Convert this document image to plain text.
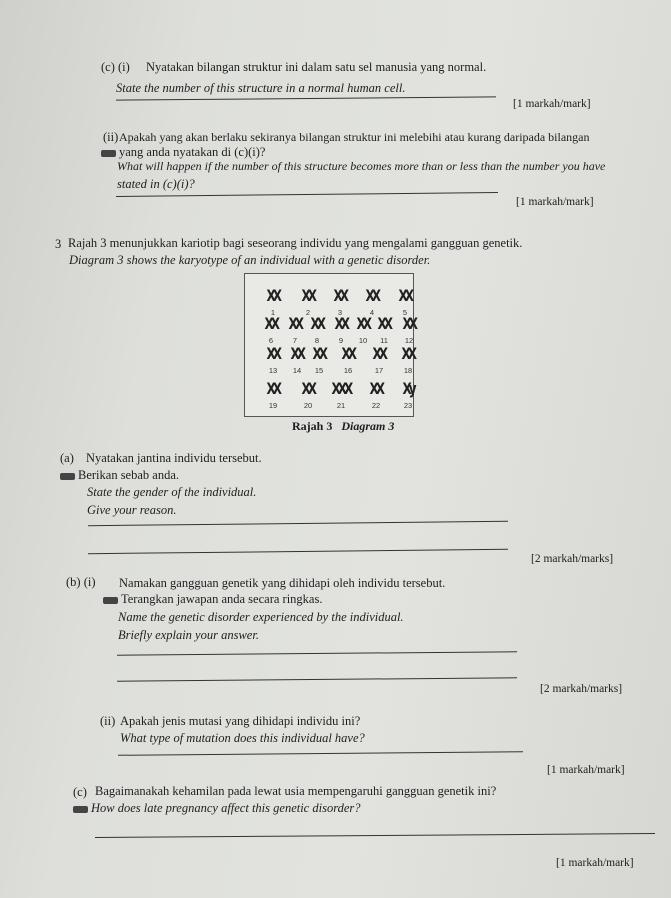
(c) (i) Nyatakan bilangan struktur ini dalam satu sel manusia yang normal.
State the number of this structure in a normal human cell.
[1 markah/mark]
(ii) Apakah yang akan berlaku sekiranya bilangan struktur ini melebihi atau kurang daripada bilangan
yang anda nyatakan di (c)(i)?
What will happen if the number of this structure becomes more than or less than the number you have
stated in (c)(i)?
[1 markah/mark]
3 Rajah 3 menunjukkan kariotip bagi seseorang individu yang mengalami gangguan genetik.
Diagram 3 shows the karyotype of an individual with a genetic disorder.
XX
1
XX
2
XX
3
XX
4
XX
5
XX
6
XX
7
XX
8
XX
9
XX
10
XX
11
XX
12
XX
13
XX
14
XX
15
XX
16
XX
17
XX
18
XX
19
XX
20
XXX
21
XX
22
Xy
23
Rajah 3 Diagram 3
(a) Nyatakan jantina individu tersebut.
Berikan sebab anda.
State the gender of the individual.
Give your reason.
[2 markah/marks]
(b) (i) Namakan gangguan genetik yang dihidapi oleh individu tersebut.
Terangkan jawapan anda secara ringkas.
Name the genetic disorder experienced by the individual.
Briefly explain your answer.
[2 markah/marks]
(ii) Apakah jenis mutasi yang dihidapi individu ini?
What type of mutation does this individual have?
[1 markah/mark]
(c) Bagaimanakah kehamilan pada lewat usia mempengaruhi gangguan genetik ini?
How does late pregnancy affect this genetic disorder?
[1 markah/mark]
